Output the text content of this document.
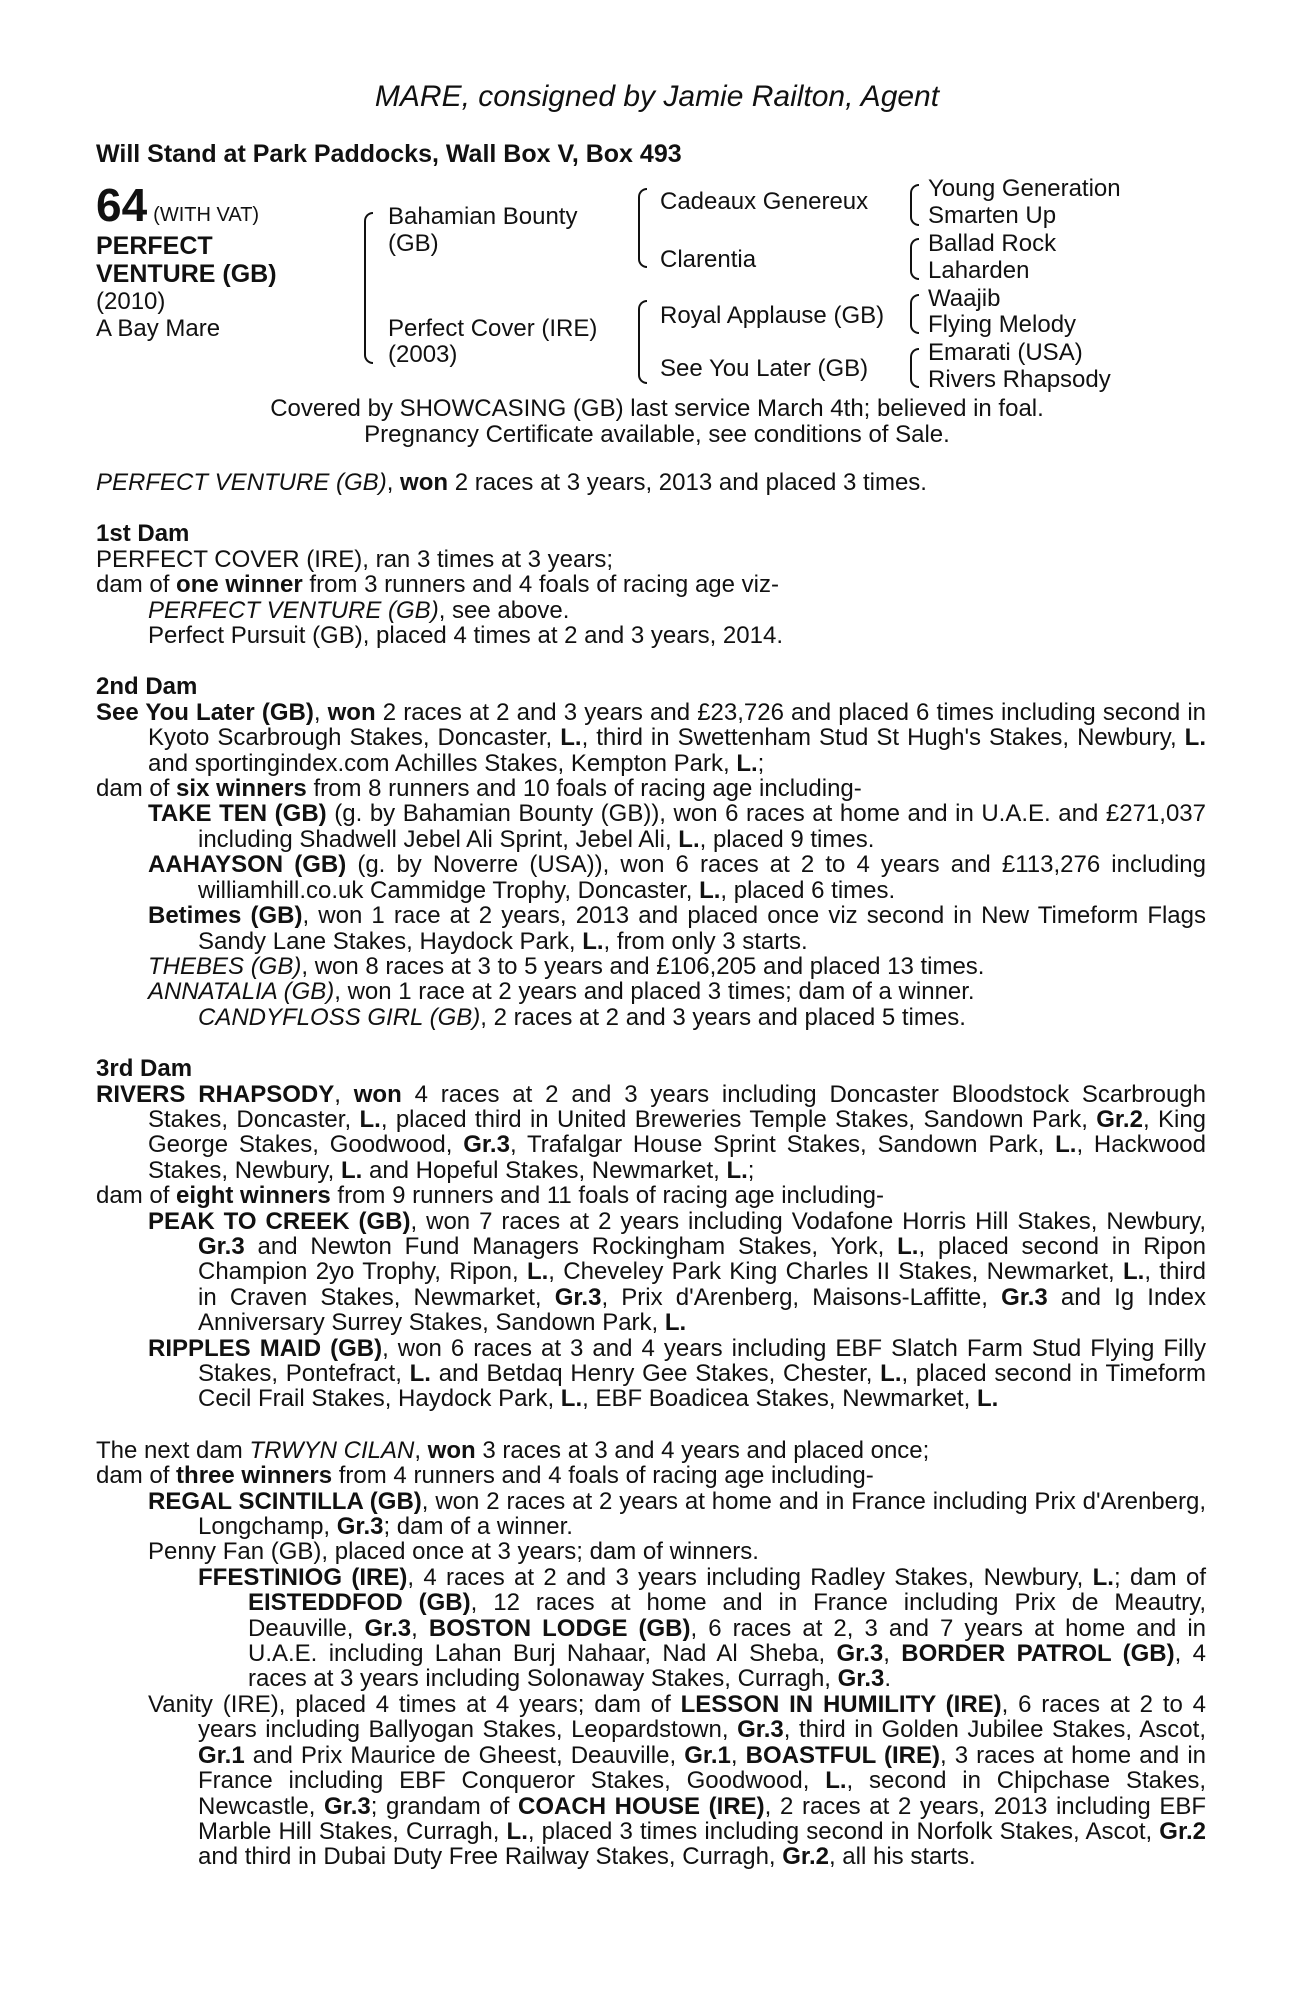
MARE, consigned by Jamie Railton, Agent
Will Stand at Park Paddocks, Wall Box V, Box 493
64 (WITH VAT)
PERFECT
VENTURE (GB)
(2010)
A Bay Mare
Bahamian Bounty
(GB)
Perfect Cover (IRE)
(2003)
Cadeaux Genereux
Clarentia
Royal Applause (GB)
See You Later (GB)
Young Generation
Smarten Up
Ballad Rock
Laharden
Waajib
Flying Melody
Emarati (USA)
Rivers Rhapsody
Covered by SHOWCASING (GB) last service March 4th; believed in foal.
Pregnancy Certificate available, see conditions of Sale.

PERFECT VENTURE (GB), won 2 races at 3 years, 2013 and placed 3 times.

1st Dam

PERFECT COVER (IRE), ran 3 times at 3 years;

dam of one winner from 3 runners and 4 foals of racing age viz-

PERFECT VENTURE (GB), see above.

Perfect Pursuit (GB), placed 4 times at 2 and 3 years, 2014.

2nd Dam

See You Later (GB), won 2 races at 2 and 3 years and £23,726 and placed 6 times including second in Kyoto Scarbrough Stakes, Doncaster, L., third in Swettenham Stud St Hugh's Stakes, Newbury, L. and sportingindex.com Achilles Stakes, Kempton Park, L.;

dam of six winners from 8 runners and 10 foals of racing age including-

TAKE TEN (GB) (g. by Bahamian Bounty (GB)), won 6 races at home and in U.A.E. and £271,037 including Shadwell Jebel Ali Sprint, Jebel Ali, L., placed 9 times.

AAHAYSON (GB) (g. by Noverre (USA)), won 6 races at 2 to 4 years and £113,276 including williamhill.co.uk Cammidge Trophy, Doncaster, L., placed 6 times.

Betimes (GB), won 1 race at 2 years, 2013 and placed once viz second in New Timeform Flags Sandy Lane Stakes, Haydock Park, L., from only 3 starts.

THEBES (GB), won 8 races at 3 to 5 years and £106,205 and placed 13 times.

ANNATALIA (GB), won 1 race at 2 years and placed 3 times; dam of a winner.

CANDYFLOSS GIRL (GB), 2 races at 2 and 3 years and placed 5 times.

3rd Dam

RIVERS RHAPSODY, won 4 races at 2 and 3 years including Doncaster Bloodstock Scarbrough Stakes, Doncaster, L., placed third in United Breweries Temple Stakes, Sandown Park, Gr.2, King George Stakes, Goodwood, Gr.3, Trafalgar House Sprint Stakes, Sandown Park, L., Hackwood Stakes, Newbury, L. and Hopeful Stakes, Newmarket, L.;

dam of eight winners from 9 runners and 11 foals of racing age including-

PEAK TO CREEK (GB), won 7 races at 2 years including Vodafone Horris Hill Stakes, Newbury, Gr.3 and Newton Fund Managers Rockingham Stakes, York, L., placed second in Ripon Champion 2yo Trophy, Ripon, L., Cheveley Park King Charles II Stakes, Newmarket, L., third in Craven Stakes, Newmarket, Gr.3, Prix d'Arenberg, Maisons-Laffitte, Gr.3 and Ig Index Anniversary Surrey Stakes, Sandown Park, L.

RIPPLES MAID (GB), won 6 races at 3 and 4 years including EBF Slatch Farm Stud Flying Filly Stakes, Pontefract, L. and Betdaq Henry Gee Stakes, Chester, L., placed second in Timeform Cecil Frail Stakes, Haydock Park, L., EBF Boadicea Stakes, Newmarket, L.

The next dam TRWYN CILAN, won 3 races at 3 and 4 years and placed once;

dam of three winners from 4 runners and 4 foals of racing age including-

REGAL SCINTILLA (GB), won 2 races at 2 years at home and in France including Prix d'Arenberg, Longchamp, Gr.3; dam of a winner.

Penny Fan (GB), placed once at 3 years; dam of winners.

FFESTINIOG (IRE), 4 races at 2 and 3 years including Radley Stakes, Newbury, L.; dam of EISTEDDFOD (GB), 12 races at home and in France including Prix de Meautry, Deauville, Gr.3, BOSTON LODGE (GB), 6 races at 2, 3 and 7 years at home and in U.A.E. including Lahan Burj Nahaar, Nad Al Sheba, Gr.3, BORDER PATROL (GB), 4 races at 3 years including Solonaway Stakes, Curragh, Gr.3.

Vanity (IRE), placed 4 times at 4 years; dam of LESSON IN HUMILITY (IRE), 6 races at 2 to 4 years including Ballyogan Stakes, Leopardstown, Gr.3, third in Golden Jubilee Stakes, Ascot, Gr.1 and Prix Maurice de Gheest, Deauville, Gr.1, BOASTFUL (IRE), 3 races at home and in France including EBF Conqueror Stakes, Goodwood, L., second in Chipchase Stakes, Newcastle, Gr.3; grandam of COACH HOUSE (IRE), 2 races at 2 years, 2013 including EBF Marble Hill Stakes, Curragh, L., placed 3 times including second in Norfolk Stakes, Ascot, Gr.2 and third in Dubai Duty Free Railway Stakes, Curragh, Gr.2, all his starts.
